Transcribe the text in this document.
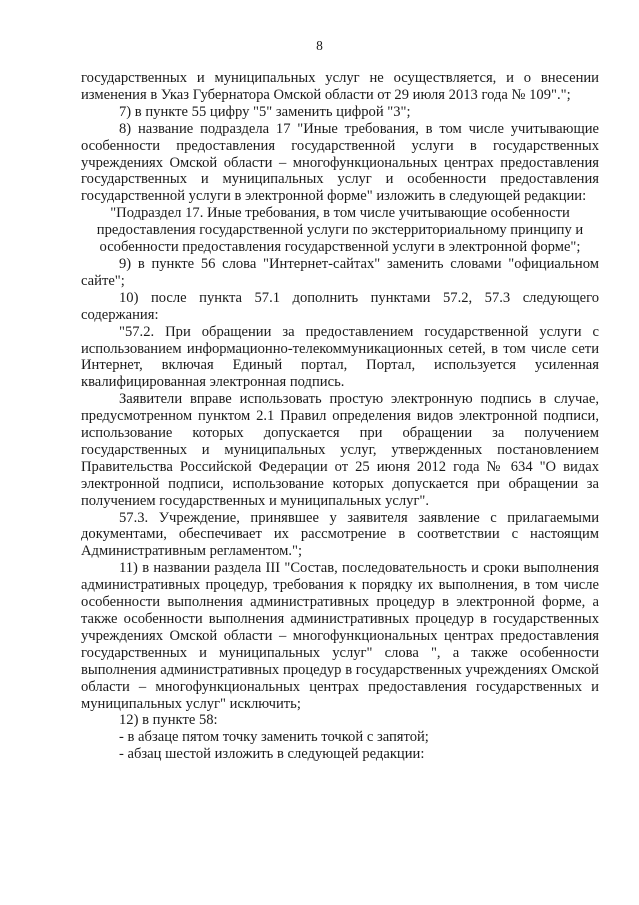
8

государственных и муниципальных услуг не осуществляется, и о внесении изменения в Указ Губернатора Омской области от 29 июля 2013 года № 109".";

7) в пункте 55 цифру "5" заменить цифрой "3";

8) название подраздела 17 "Иные требования, в том числе учитывающие особенности предоставления государственной услуги в государственных учреждениях Омской области – многофункциональных центрах предоставления государственных и муниципальных услуг и особенности предоставления государственной услуги в электронной форме" изложить в следующей редакции:

"Подраздел 17. Иные требования, в том числе учитывающие особенности предоставления государственной услуги по экстерриториальному принципу и особенности предоставления государственной услуги в электронной форме";

9) в пункте 56 слова "Интернет-сайтах" заменить словами "официальном сайте";

10) после пункта 57.1 дополнить пунктами 57.2, 57.3 следующего содержания:

"57.2. При обращении за предоставлением государственной услуги с использованием информационно-телекоммуникационных сетей, в том числе сети Интернет, включая Единый портал, Портал, используется усиленная квалифицированная электронная подпись.

Заявители вправе использовать простую электронную подпись в случае, предусмотренном пунктом 2.1 Правил определения видов электронной подписи, использование которых допускается при обращении за получением государственных и муниципальных услуг, утвержденных постановлением Правительства Российской Федерации от 25 июня 2012 года № 634 "О видах электронной подписи, использование которых допускается при обращении за получением государственных и муниципальных услуг".

57.3. Учреждение, принявшее у заявителя заявление с прилагаемыми документами, обеспечивает их рассмотрение в соответствии с настоящим Административным регламентом.";

11) в названии раздела III "Состав, последовательность и сроки выполнения административных процедур, требования к порядку их выполнения, в том числе особенности выполнения административных процедур в электронной форме, а также особенности выполнения административных процедур в государственных учреждениях Омской области – многофункциональных центрах предоставления государственных и муниципальных услуг" слова ", а также особенности выполнения административных процедур в государственных учреждениях Омской области – многофункциональных центрах предоставления государственных и муниципальных услуг" исключить;

12) в пункте 58:

- в абзаце пятом точку заменить точкой с запятой;

- абзац шестой изложить в следующей редакции:
